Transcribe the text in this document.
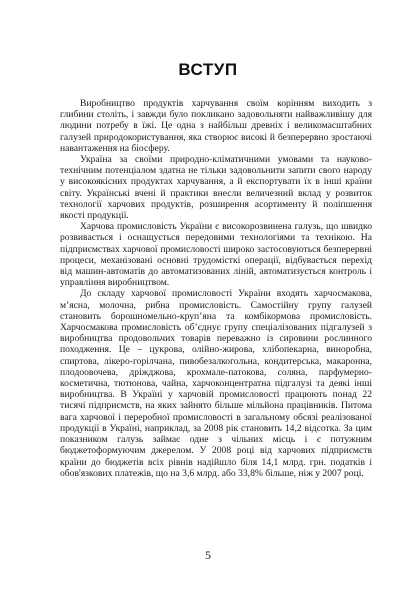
ВСТУП

Виробництво продуктів харчування своїм корінням виходить з глибини століть, і завжди було покликано задовольняти найважливішу для людини потребу в їжі. Це одна з найбільш древніх і великомасштабних галузей природокористування, яка створює високі й безперервно зростаючі навантаження на біосферу.

Україна за своїми природно-кліматичними умовами та науково-технічним потенціалом здатна не тільки задовольнити запити свого народу у високоякісних продуктах харчування, а й експортувати їх в інші країни світу. Українські вчені й практики внесли величезний вклад у розвиток технології харчових продуктів, розширення асортименту й поліпшення якості продукції.

Харчова промисловість України є високорозвинена галузь, що швидко розвивається і оснащується передовими технологіями та технікою. На підприємствах харчової промисловості широко застосовуються безперервні процеси, механізовані основні трудомісткі операції, відбувається перехід від машин-автоматів до автоматизованих ліній, автоматизується контроль і управління виробництвом.

До складу харчової промисловості України входять харчосмакова, м’ясна, молочна, рибна промисловість. Самостійну групу галузей становить борошномельно-круп’яна та комбікормова промисловість. Харчосмакова промисловість об’єднує групу спеціалізованих підгалузей з виробництва продовольчих товарів переважно із сировини рослинного походження. Це – цукрова, олійно-жирова, хлібопекарна, виноробна, спиртова, лікеро-горілчана, пивобезалкогольна, кондитерська, макаронна, плодоовочева, дріжджова, крохмале-патокова, соляна, парфумерно-косметична, тютюнова, чайна, харчоконцентратна підгалузі та деякі інші виробництва. В Україні у харчовій промисловості працюють понад 22 тисячі підприємств, на яких зайнято більше мільйона працівників. Питома вага харчової і переробної промисловості в загальному обсязі реалізованої продукції в Україні, наприклад, за 2008 рік становить 14,2 відсотка. За цим показником галузь займає одне з чільних місць і є потужним бюджетоформуючим джерелом. У 2008 році від харчових підприємств країни до бюджетів всіх рівнів надійшло біля 14,1 млрд. грн. податків і обов'язкових платежів, що на 3,6 млрд. або 33,8% більше, ніж у 2007 році.

5
